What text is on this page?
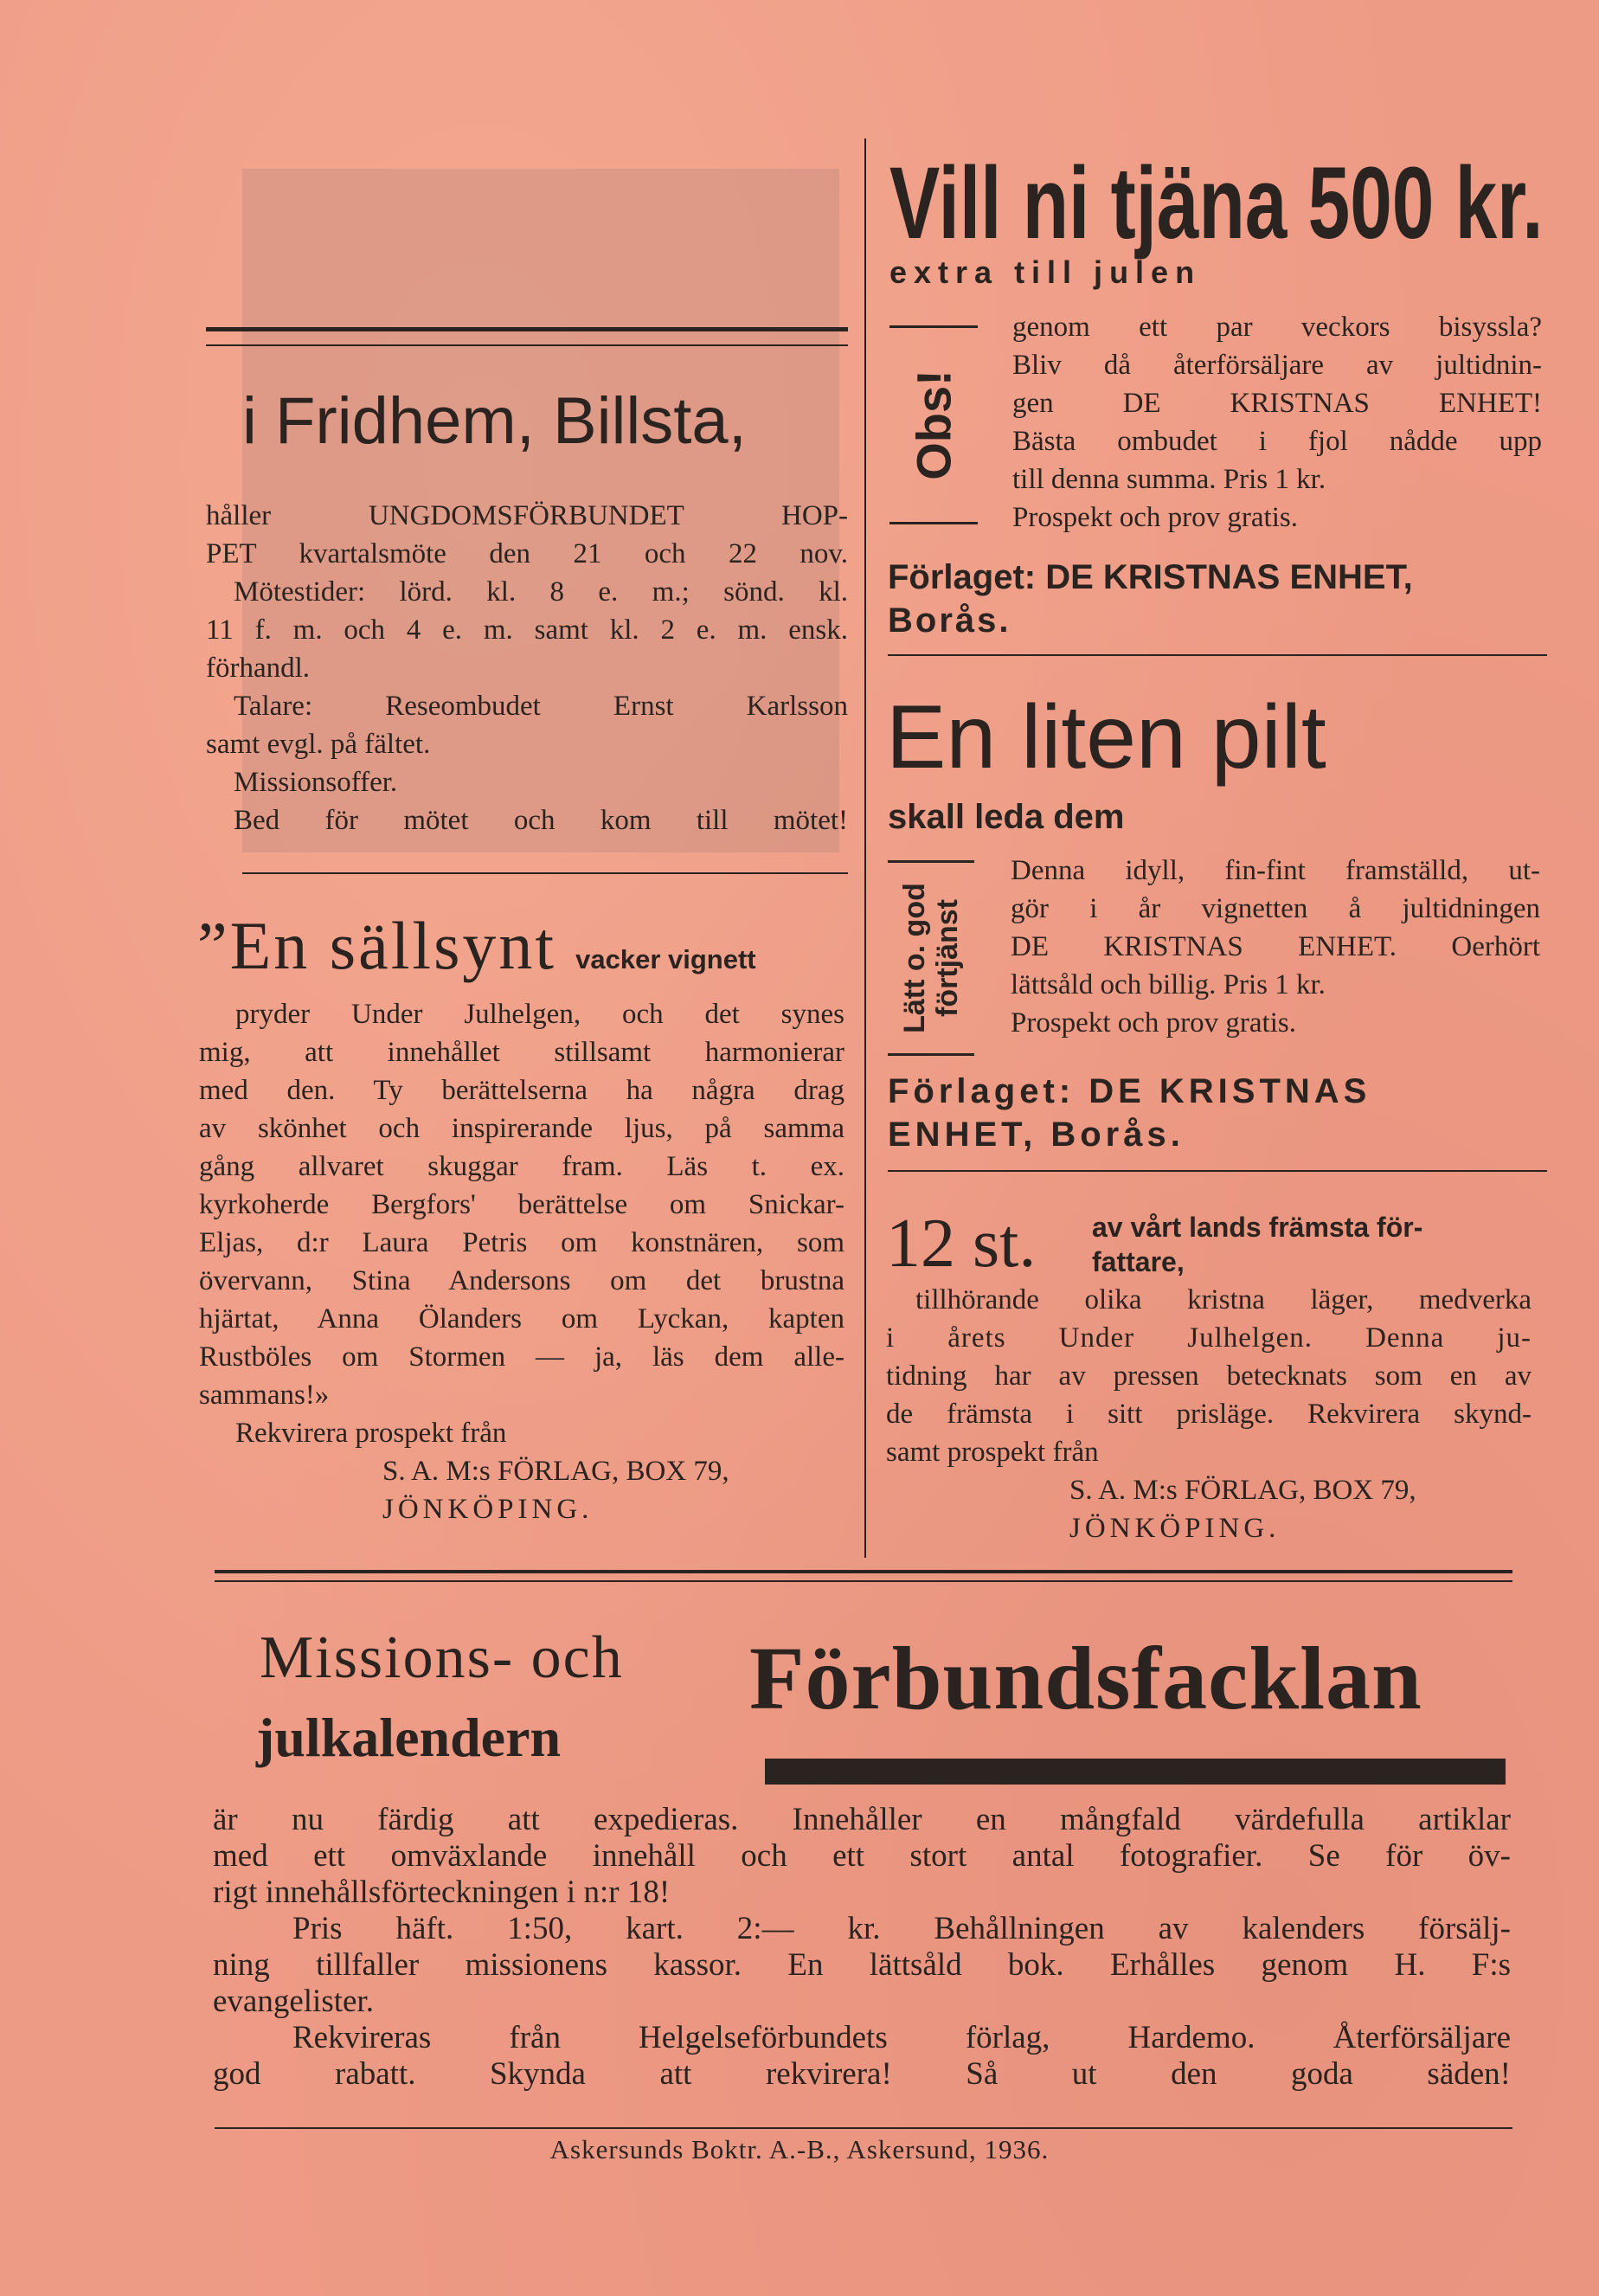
i Fridhem, Billsta,

håller UNGDOMSFÖRBUNDET HOP-

PET kvartalsmöte den 21 och 22 nov.

Mötestider: lörd. kl. 8 e. m.; sönd. kl.

11 f. m. och 4 e. m. samt kl. 2 e. m. ensk.

förhandl.

Talare: Reseombudet Ernst Karlsson

samt evgl. på fältet.

Missionsoffer.

Bed för mötet och kom till mötet!

”En sällsynt vacker vignett

pryder Under Julhelgen, och det synes

mig, att innehållet stillsamt harmonierar

med den. Ty berättelserna ha några drag

av skönhet och inspirerande ljus, på samma

gång allvaret skuggar fram. Läs t. ex.

kyrkoherde Bergfors' berättelse om Snickar-

Eljas, d:r Laura Petris om konstnären, som

övervann, Stina Andersons om det brustna

hjärtat, Anna Ölanders om Lyckan, kapten

Rustböles om Stormen — ja, läs dem alle-

sammans!»

Rekvirera prospekt från

S. A. M:s FÖRLAG, BOX 79,

JÖNKÖPING.

Vill ni tjäna 500 kr.
extra till julen
Obs!

genom ett par veckors bisyssla?

Bliv då återförsäljare av jultidnin-

gen DE KRISTNAS ENHET!

Bästa ombudet i fjol nådde upp

till denna summa. Pris 1 kr.

Prospekt och prov gratis.

Förlaget: DE KRISTNAS ENHET,
Borås.
En liten pilt
skall leda dem
Lätt o. god förtjänst

Denna idyll, fin-fint framställd, ut-

gör i år vignetten å jultidningen

DE KRISTNAS ENHET. Oerhört

lättsåld och billig. Pris 1 kr.

Prospekt och prov gratis.

Förlaget: DE KRISTNAS
ENHET, Borås.
12 st. av vårt lands främsta för-
fattare,

tillhörande olika kristna läger, medverka

i årets Under Julhelgen. Denna ju-

tidning har av pressen betecknats som en av

de främsta i sitt prisläge. Rekvirera skynd-

samt prospekt från

S. A. M:s FÖRLAG, BOX 79,

JÖNKÖPING.

Missions- och
julkalendern
Förbundsfacklan

är nu färdig att expedieras. Innehåller en mångfald värdefulla artiklar

med ett omväxlande innehåll och ett stort antal fotografier. Se för öv-

rigt innehållsförteckningen i n:r 18!

Pris häft. 1:50, kart. 2:— kr. Behållningen av kalenders försälj-

ning tillfaller missionens kassor. En lättsåld bok. Erhålles genom H. F:s

evangelister.

Rekvireras från Helgelseförbundets förlag, Hardemo. Återförsäljare

god rabatt. Skynda att rekvirera! Så ut den goda säden!

Askersunds Boktr. A.-B., Askersund, 1936.
